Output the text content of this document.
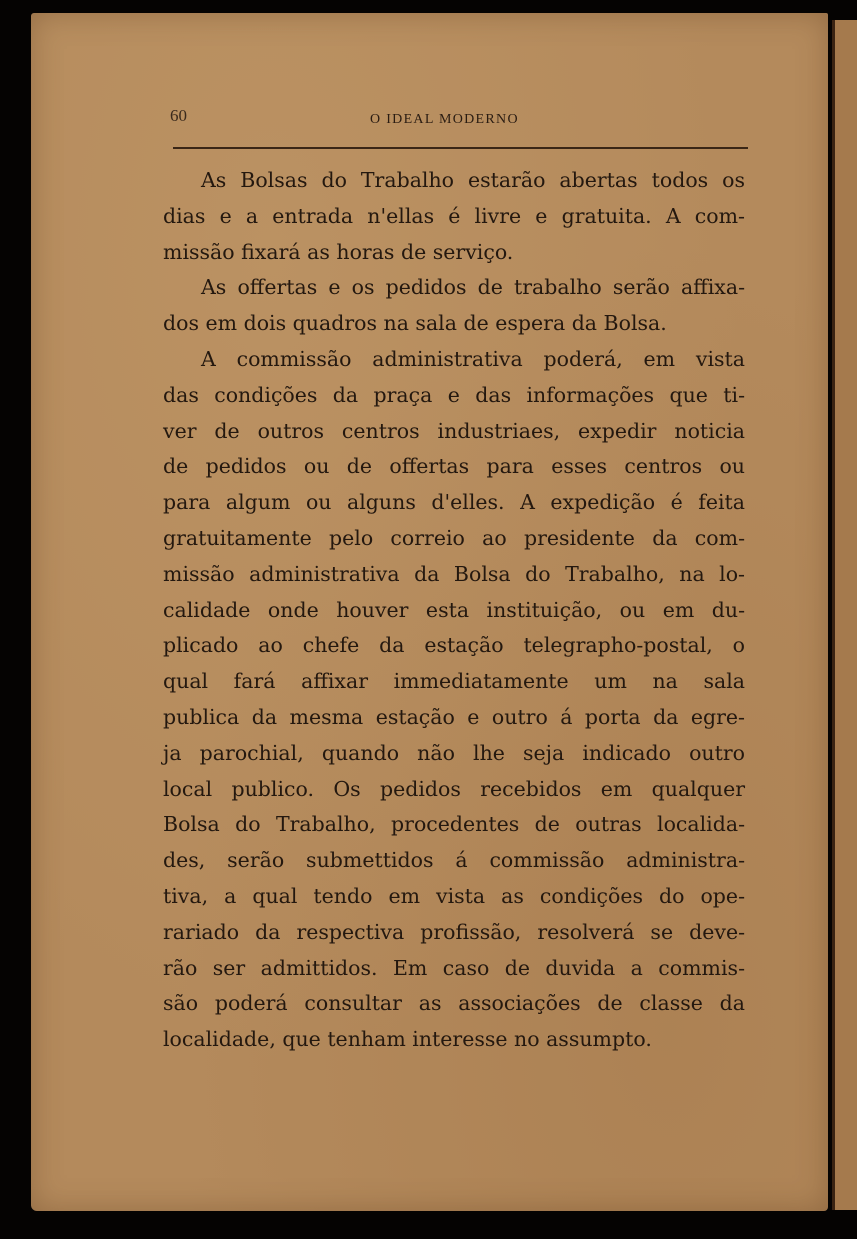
60	O IDEAL MODERNO
As Bolsas do Trabalho estarão abertas todos os
dias e a entrada n'ellas é livre e gratuita. A com-
missão fixará as horas de serviço.
As offertas e os pedidos de trabalho serão affixa-
dos em dois quadros na sala de espera da Bolsa.
A commissão administrativa poderá, em vista
das condições da praça e das informações que ti-
ver de outros centros industriaes, expedir noticia
de pedidos ou de offertas para esses centros ou
para algum ou alguns d'elles. A expedição é feita
gratuitamente pelo correio ao presidente da com-
missão administrativa da Bolsa do Trabalho, na lo-
calidade onde houver esta instituição, ou em du-
plicado ao chefe da estação telegrapho-postal, o
qual fará affixar immediatamente um na sala
publica da mesma estação e outro á porta da egre-
ja parochial, quando não lhe seja indicado outro
local publico. Os pedidos recebidos em qualquer
Bolsa do Trabalho, procedentes de outras localida-
des, serão submettidos á commissão administra-
tiva, a qual tendo em vista as condições do ope-
rariado da respectiva profissão, resolverá se deve-
rão ser admittidos. Em caso de duvida a commis-
são poderá consultar as associações de classe da
localidade, que tenham interesse no assumpto.
